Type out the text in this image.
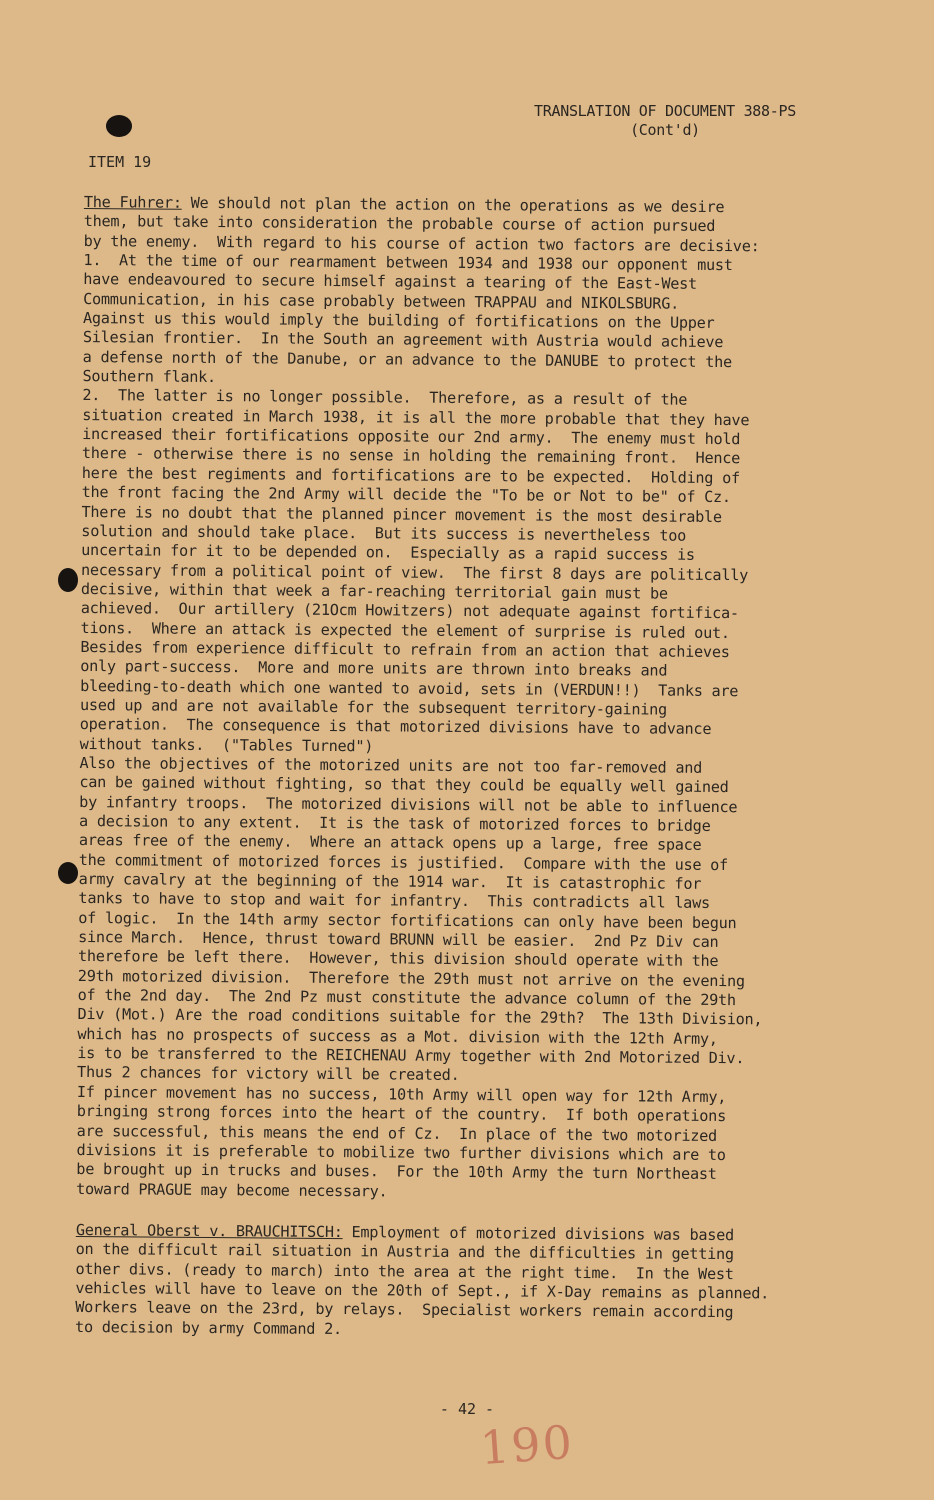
TRANSLATION OF DOCUMENT 388-PS
(Cont'd)
ITEM 19
The Fuhrer: We should not plan the action on the operations as we desire
them, but take into consideration the probable course of action pursued
by the enemy.  With regard to his course of action two factors are decisive:
1.  At the time of our rearmament between 1934 and 1938 our opponent must
have endeavoured to secure himself against a tearing of the East-West
Communication, in his case probably between TRAPPAU and NIKOLSBURG.
Against us this would imply the building of fortifications on the Upper
Silesian frontier.  In the South an agreement with Austria would achieve
a defense north of the Danube, or an advance to the DANUBE to protect the
Southern flank.
2.  The latter is no longer possible.  Therefore, as a result of the
situation created in March 1938, it is all the more probable that they have
increased their fortifications opposite our 2nd army.  The enemy must hold
there - otherwise there is no sense in holding the remaining front.  Hence
here the best regiments and fortifications are to be expected.  Holding of
the front facing the 2nd Army will decide the "To be or Not to be" of Cz.
There is no doubt that the planned pincer movement is the most desirable
solution and should take place.  But its success is nevertheless too
uncertain for it to be depended on.  Especially as a rapid success is
necessary from a political point of view.  The first 8 days are politically
decisive, within that week a far-reaching territorial gain must be
achieved.  Our artillery (21Ocm Howitzers) not adequate against fortifica-
tions.  Where an attack is expected the element of surprise is ruled out.
Besides from experience difficult to refrain from an action that achieves
only part-success.  More and more units are thrown into breaks and
bleeding-to-death which one wanted to avoid, sets in (VERDUN!!)  Tanks are
used up and are not available for the subsequent territory-gaining
operation.  The consequence is that motorized divisions have to advance
without tanks.  ("Tables Turned")
Also the objectives of the motorized units are not too far-removed and
can be gained without fighting, so that they could be equally well gained
by infantry troops.  The motorized divisions will not be able to influence
a decision to any extent.  It is the task of motorized forces to bridge
areas free of the enemy.  Where an attack opens up a large, free space
the commitment of motorized forces is justified.  Compare with the use of
army cavalry at the beginning of the 1914 war.  It is catastrophic for
tanks to have to stop and wait for infantry.  This contradicts all laws
of logic.  In the 14th army sector fortifications can only have been begun
since March.  Hence, thrust toward BRUNN will be easier.  2nd Pz Div can
therefore be left there.  However, this division should operate with the
29th motorized division.  Therefore the 29th must not arrive on the evening
of the 2nd day.  The 2nd Pz must constitute the advance column of the 29th
Div (Mot.) Are the road conditions suitable for the 29th?  The 13th Division,
which has no prospects of success as a Mot. division with the 12th Army,
is to be transferred to the REICHENAU Army together with 2nd Motorized Div.
Thus 2 chances for victory will be created.
If pincer movement has no success, 10th Army will open way for 12th Army,
bringing strong forces into the heart of the country.  If both operations
are successful, this means the end of Cz.  In place of the two motorized
divisions it is preferable to mobilize two further divisions which are to
be brought up in trucks and buses.  For the 10th Army the turn Northeast
toward PRAGUE may become necessary.
General Oberst v. BRAUCHITSCH: Employment of motorized divisions was based
on the difficult rail situation in Austria and the difficulties in getting
other divs. (ready to march) into the area at the right time.  In the West
vehicles will have to leave on the 20th of Sept., if X-Day remains as planned.
Workers leave on the 23rd, by relays.  Specialist workers remain according
to decision by army Command 2.
- 42 -
190
